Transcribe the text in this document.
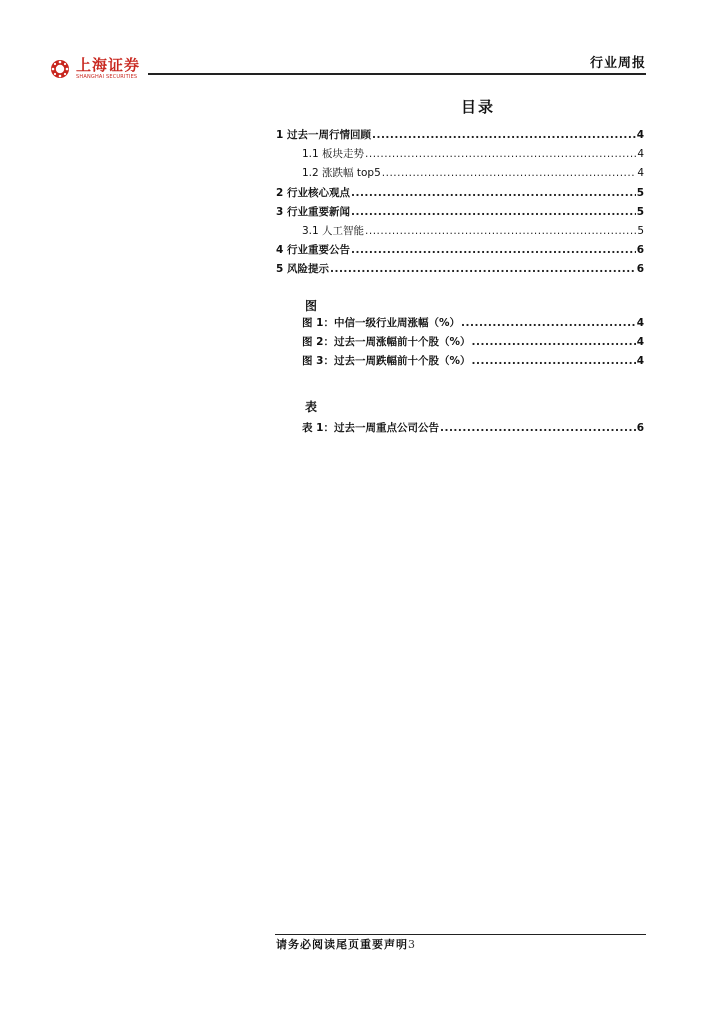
上海证券
SHANGHAI SECURITIES
行业周报
目录
1 过去一周行情回顾 .....	4
1.1 板块走势 .....	4
1.2 涨跌幅 top5 .....	4
2 行业核心观点 .....	5
3 行业重要新闻 .....	5
3.1 人工智能 .....	5
4 行业重要公告 .....	6
5 风险提示 .....	6
图
图 1：中信一级行业周涨幅（%） .....	4
图 2：过去一周涨幅前十个股（%） .....	4
图 3：过去一周跌幅前十个股（%） .....	4
表
表 1：过去一周重点公司公告 .....	6
请务必阅读尾页重要声明3
